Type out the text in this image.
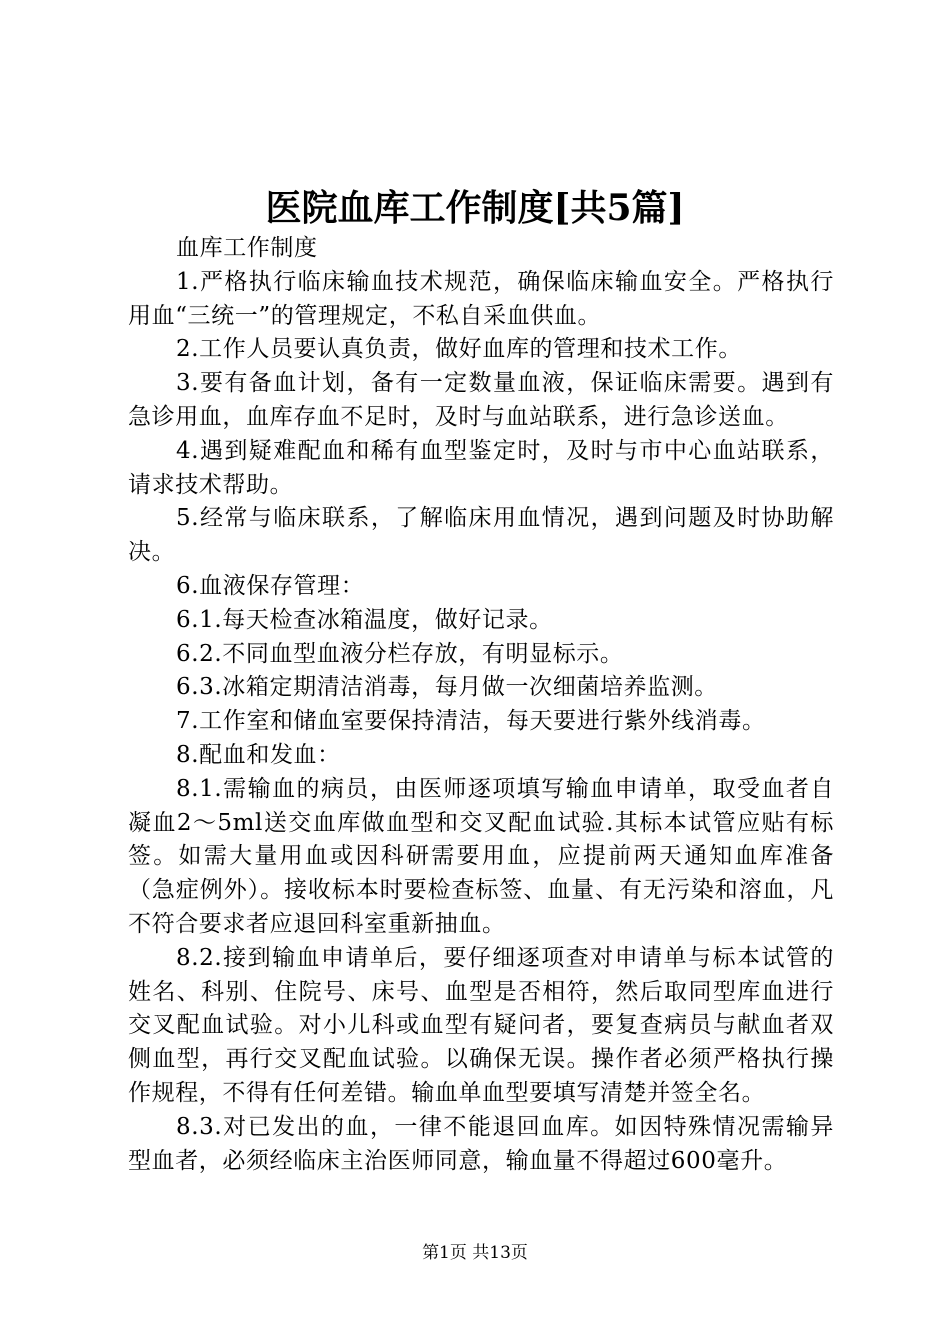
医院血库工作制度[共5篇]

血库工作制度

1.严格执行临床输血技术规范，确保临床输血安全。严格执行用血“三统一”的管理规定，不私自采血供血。

2.工作人员要认真负责，做好血库的管理和技术工作。

3.要有备血计划，备有一定数量血液，保证临床需要。遇到有急诊用血，血库存血不足时，及时与血站联系，进行急诊送血。

4.遇到疑难配血和稀有血型鉴定时，及时与市中心血站联系，请求技术帮助。

5.经常与临床联系，了解临床用血情况，遇到问题及时协助解决。

6.血液保存管理：

6.1.每天检查冰箱温度，做好记录。

6.2.不同血型血液分栏存放，有明显标示。

6.3.冰箱定期清洁消毒，每月做一次细菌培养监测。

7.工作室和储血室要保持清洁，每天要进行紫外线消毒。

8.配血和发血：

8.1.需输血的病员，由医师逐项填写输血申请单，取受血者自凝血2～5ml送交血库做血型和交叉配血试验.其标本试管应贴有标签。如需大量用血或因科研需要用血，应提前两天通知血库准备（急症例外）。接收标本时要检查标签、血量、有无污染和溶血，凡不符合要求者应退回科室重新抽血。

8.2.接到输血申请单后，要仔细逐项查对申请单与标本试管的姓名、科别、住院号、床号、血型是否相符，然后取同型库血进行交叉配血试验。对小儿科或血型有疑问者，要复查病员与献血者双侧血型，再行交叉配血试验。以确保无误。操作者必须严格执行操作规程，不得有任何差错。输血单血型要填写清楚并签全名。

8.3.对已发出的血，一律不能退回血库。如因特殊情况需输异型血者，必须经临床主治医师同意，输血量不得超过600毫升。

第1页 共13页
